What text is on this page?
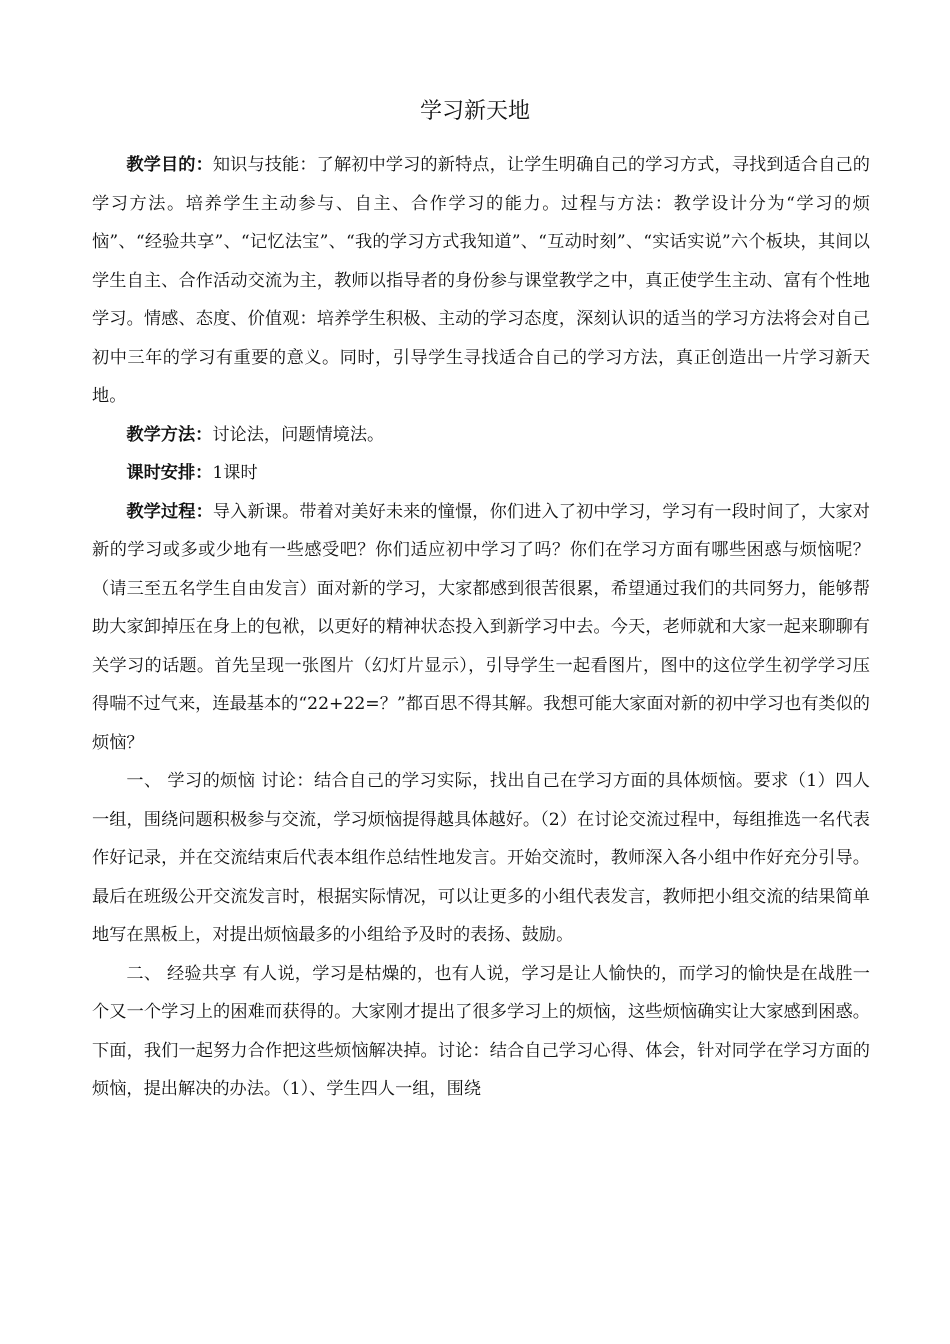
学习新天地

教学目的：知识与技能：了解初中学习的新特点，让学生明确自己的学习方式，寻找到适合自己的学习方法。培养学生主动参与、自主、合作学习的能力。过程与方法：教学设计分为“学习的烦恼”、“经验共享”、“记忆法宝”、“我的学习方式我知道”、“互动时刻”、“实话实说”六个板块，其间以学生自主、合作活动交流为主，教师以指导者的身份参与课堂教学之中，真正使学生主动、富有个性地学习。情感、态度、价值观：培养学生积极、主动的学习态度，深刻认识的适当的学习方法将会对自己初中三年的学习有重要的意义。同时，引导学生寻找适合自己的学习方法，真正创造出一片学习新天地。

教学方法：讨论法，问题情境法。

课时安排：1课时

教学过程：导入新课。带着对美好未来的憧憬，你们进入了初中学习，学习有一段时间了，大家对新的学习或多或少地有一些感受吧？你们适应初中学习了吗？你们在学习方面有哪些困惑与烦恼呢？（请三至五名学生自由发言）面对新的学习，大家都感到很苦很累，希望通过我们的共同努力，能够帮助大家卸掉压在身上的包袱，以更好的精神状态投入到新学习中去。今天，老师就和大家一起来聊聊有关学习的话题。首先呈现一张图片（幻灯片显示），引导学生一起看图片，图中的这位学生初学学习压得喘不过气来，连最基本的“22+22=？”都百思不得其解。我想可能大家面对新的初中学习也有类似的烦恼？

一、 学习的烦恼 讨论：结合自己的学习实际，找出自己在学习方面的具体烦恼。要求（1）四人一组，围绕问题积极参与交流，学习烦恼提得越具体越好。（2）在讨论交流过程中，每组推选一名代表作好记录，并在交流结束后代表本组作总结性地发言。开始交流时，教师深入各小组中作好充分引导。最后在班级公开交流发言时，根据实际情况，可以让更多的小组代表发言，教师把小组交流的结果简单地写在黑板上，对提出烦恼最多的小组给予及时的表扬、鼓励。

二、 经验共享 有人说，学习是枯燥的，也有人说，学习是让人愉快的，而学习的愉快是在战胜一个又一个学习上的困难而获得的。大家刚才提出了很多学习上的烦恼，这些烦恼确实让大家感到困惑。下面，我们一起努力合作把这些烦恼解决掉。讨论：结合自己学习心得、体会，针对同学在学习方面的烦恼，提出解决的办法。（1）、学生四人一组，围绕
